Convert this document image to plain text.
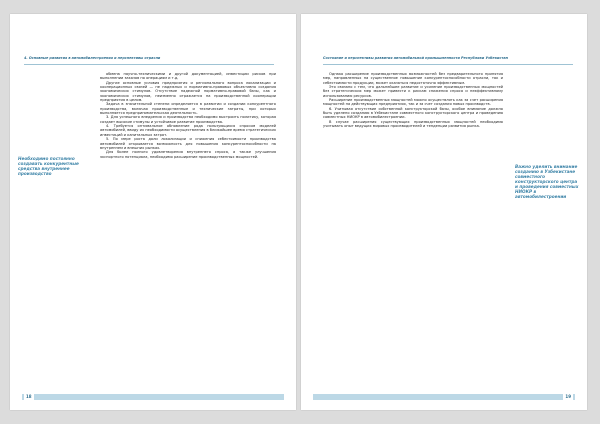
4. Основные развития в автомобилестроения и перспективы отрасли
Необходимо постоянно создавать конкурентные средства внутреннее производство

обмена научно-техническими и другой документацией, инвестиции рисков при выполнении заказов по операциям и т.д.

Другие основные условия предприятия и регионального вопроса локализации и кооперационных связей — не надежных и нормативно-правовых объективно создания экономических стимулов. Отсутствие надежной нормативно-правовой базы, как и экономических стимулов, неизменно отражается на производственной кооперации предприятия в целом.

Задача в значительной степени определяется в развитии и создании конкурентного производства, включая производственные и технические затраты, при которых выполняется предпринимательская деятельность.

3. Для успешного внедрения и производства необходимо выстроить политику, которая создает высокие стимулы и устойчивое развитие производства.

4. Требуется оптимальное обновление ряда пользующихся спросом моделей автомобилей, ввиду их необходимости осуществления в ближайшее время стратегических инвестиций и капитальных затрат.

5. По мере роста доли локализации и снижения себестоимости производства автомобилей открывается возможность для повышения конкурентоспособности на внутреннем и внешних рынках.

Для более полного удовлетворения внутреннего спроса, а также улучшения экспортного потенциала, необходимо расширение производственных мощностей.

18
Состояние и перспективы развития автомобильной промышленности Республики Узбекистан

Однако расширение производственных возможностей без предварительного принятия мер, направленных на существенное повышение конкурентоспособности отрасли, так и себестоимости продукции, может оказаться недостаточно эффективным.

Это связано с тем, что дальнейшее развитие и усиление производственных мощностей без стратегических мер может привести к рискам снижения спроса и неэффективному использованию ресурсов.

Расширение производственных мощностей можно осуществлять как за счет расширения мощностей на действующих предприятиях, так и за счет создания новых производств.

6. Учитывая отсутствие собственной конструкторской базы, особое внимание должно быть уделено созданию в Узбекистане совместного конструкторского центра и проведению совместных НИОКР в автомобилестроении.

В случае расширения существующих производственных мощностей необходимо учитывать опыт ведущих мировых производителей и тенденции развития рынка.

Важно уделить внимание созданию в Узбекистане совместного конструкторского центра и проведения совместных НИОКР в автомобилестроении
19
